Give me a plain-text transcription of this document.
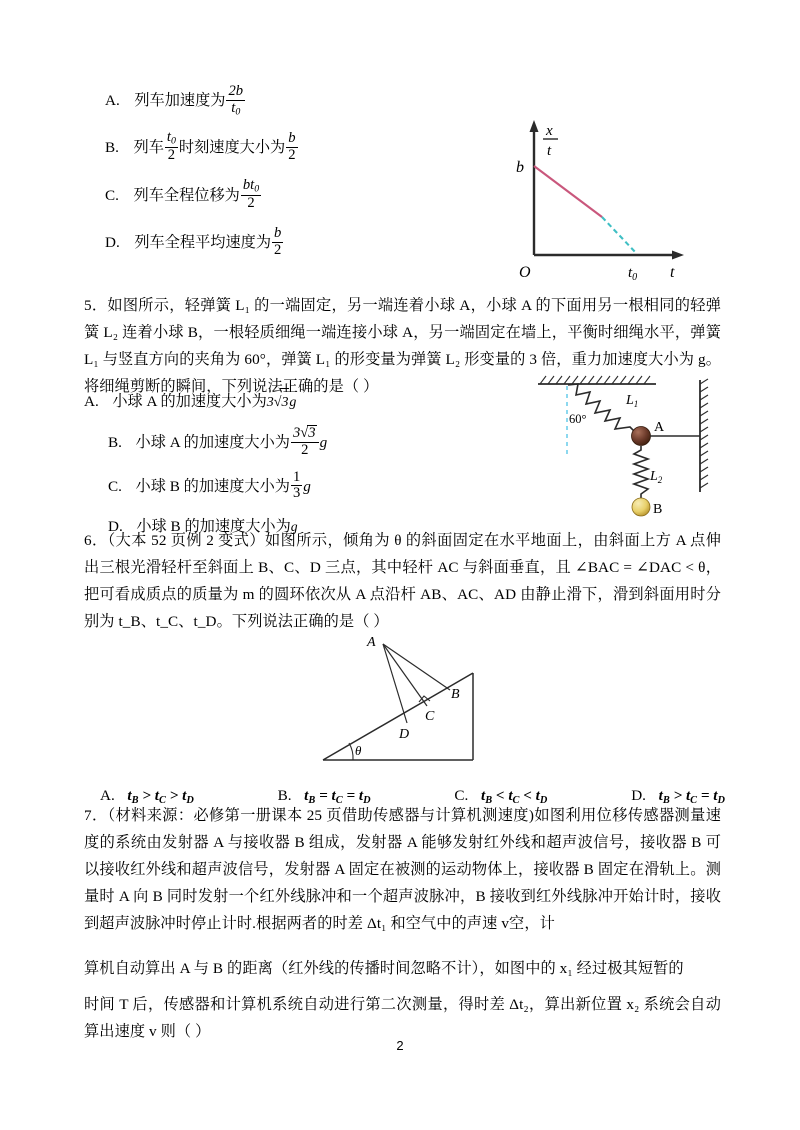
A. 列车加速度为 $\frac{2b}{t0}$
B. 列车 $\frac{t0}{2}$ 时刻速度大小为 $\frac{b}{2}$
C. 列车全程位移为 $\frac{bt0}{2}$
D. 列车全程平均速度为 $\frac{b}{2}$
x
t
b
O	$t_0$ t

5．如图所示，轻弹簧 L₁ 的一端固定，另一端连着小球 A，小球 A 的下面用另一根相同的轻弹簧 L₂ 连着小球 B，一根轻质细绳一端连接小球 A，另一端固定在墙上，平衡时细绳水平，弹簧 L₁ 与竖直方向的夹角为 60°，弹簧 L₁ 的形变量为弹簧 L₂ 形变量的 3 倍，重力加速度大小为 g。将细绳剪断的瞬间，下列说法正确的是（ ）

A. 小球 A 的加速度大小为3√3g
B. 小球 A 的加速度大小为 $\frac{3√3}{2}$ g
C. 小球 B 的加速度大小为 $\frac{1}{3}$ g
D. 小球 B 的加速度大小为g
60°
$L_1$
A
$L_2$
B

6．（大本 52 页例 2 变式）如图所示，倾角为 θ 的斜面固定在水平地面上，由斜面上方 A 点伸出三根光滑轻杆至斜面上 B、C、D 三点，其中轻杆 AC 与斜面垂直，且 ∠BAC = ∠DAC < θ，把可看成质点的质量为 m 的圆环依次从 A 点沿杆 AB、AC、AD 由静止滑下，滑到斜面用时分别为 t_B、t_C、t_D。下列说法正确的是（ ）

θ
A
B
C
D
A. $t_B > t_C > t_D$	B. $t_B = t_C = t_D$	C. $t_B < t_C < t_D$	D. $t_B > t_C = t_D$

7．（材料来源：必修第一册课本 25 页借助传感器与计算机测速度)如图利用位移传感器测量速度的系统由发射器 A 与接收器 B 组成，发射器 A 能够发射红外线和超声波信号，接收器 B 可以接收红外线和超声波信号，发射器 A 固定在被测的运动物体上，接收器 B 固定在滑轨上。测量时 A 向 B 同时发射一个红外线脉冲和一个超声波脉冲，B 接收到红外线脉冲开始计时，接收到超声波脉冲时停止计时.根据两者的时差 Δt₁ 和空气中的声速 v空，计

算机自动算出 A 与 B 的距离（红外线的传播时间忽略不计），如图中的 x₁ 经过极其短暂的

时间 T 后，传感器和计算机系统自动进行第二次测量，得时差 Δt₂，算出新位置 x₂ 系统会自动算出速度 v 则（ ）

2
